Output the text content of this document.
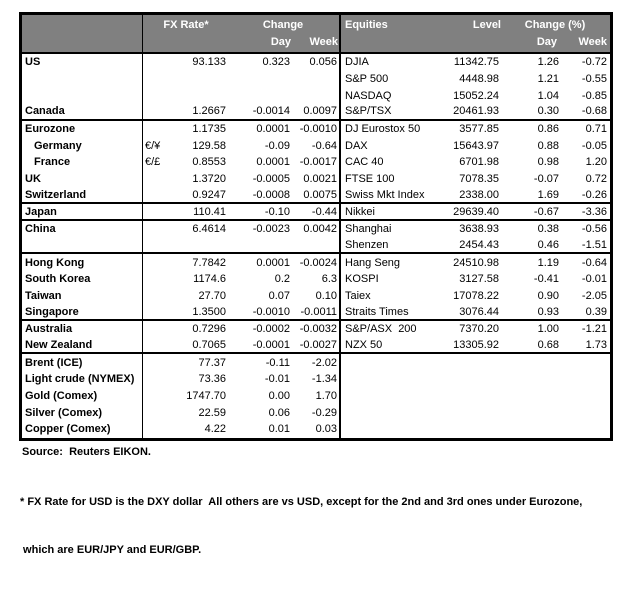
FX Rate*	Change
Day	Week
Equities	Level	Change (%)
Day	Week
US	93.133	0.323	0.056 DJIA	11342.75	1.26	-0.72
S&P 500	4448.98	1.21	-0.55
NASDAQ	15052.24	1.04	-0.85
Canada	1.2667	-0.0014	0.0097 S&P/TSX	20461.93	0.30	-0.68
Eurozone	1.1735	0.0001 -0.0010 DJ Eurostox 50	3577.85	0.86	0.71
Germany	€/¥	129.58	-0.09	-0.64 DAX	15643.97	0.88	-0.05
France	€/£	0.8553	0.0001 -0.0017 CAC 40	6701.98	0.98	1.20
UK	1.3720	-0.0005	0.0021 FTSE 100	7078.35	-0.07	0.72
Switzerland	0.9247	-0.0008	0.0075 Swiss Mkt Index	2338.00	1.69	-0.26
Japan	110.41	-0.10	-0.44 Nikkei	29639.40	-0.67	-3.36
China	6.4614	-0.0023	0.0042 Shanghai	3638.93	0.38	-0.56
Shenzen	2454.43	0.46	-1.51
Hong Kong	7.7842	0.0001 -0.0024 Hang Seng	24510.98	1.19	-0.64
South Korea	1174.6	0.2	6.3 KOSPI	3127.58	-0.41	-0.01
Taiwan	27.70	0.07	0.10 Taiex	17078.22	0.90	-2.05
Singapore	1.3500	-0.0010 -0.0011 Straits Times	3076.44	0.93	0.39
Australia	0.7296	-0.0002 -0.0032 S&P/ASX  200	7370.20	1.00	-1.21
New Zealand	0.7065	-0.0001 -0.0027 NZX 50	13305.92	0.68	1.73
Brent (ICE)	77.37	-0.11	-2.02
Light crude (NYMEX)	73.36	-0.01	-1.34
Gold (Comex)	1747.70	0.00	1.70
Silver (Comex)	22.59	0.06	-0.29
Copper (Comex)	4.22	0.01	0.03
Source:  Reuters EIKON.

* FX Rate for USD is the DXY dollar  All others are vs USD, except for the 2nd and 3rd ones under Eurozone,

which are EUR/JPY and EUR/GBP.
